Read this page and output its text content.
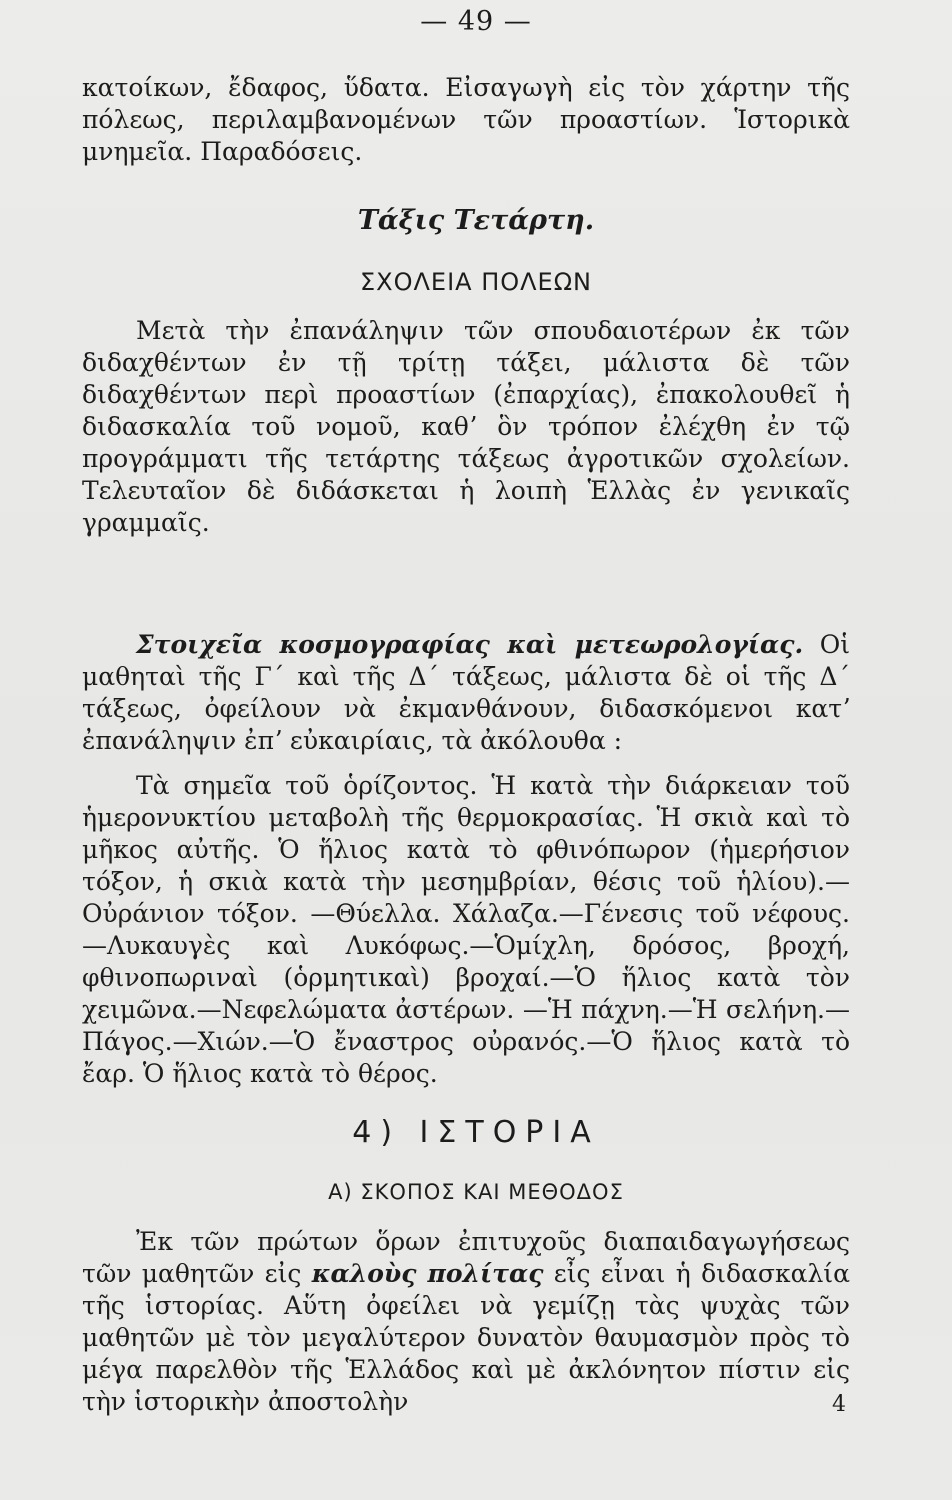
— 49 —

κατοίκων, ἔδαφος, ὕδατα. Εἰσαγωγὴ εἰς τὸν χάρτην τῆς πόλεως, περιλαμβανομένων τῶν προαστίων. Ἱστορικὰ μνημεῖα. Παραδόσεις.

Τάξις Τετάρτη.

ΣΧΟΛΕΙΑ ΠΟΛΕΩΝ

Μετὰ τὴν ἐπανάληψιν τῶν σπουδαιοτέρων ἐκ τῶν διδαχθέντων ἐν τῇ τρίτῃ τάξει, μάλιστα δὲ τῶν διδαχθέντων περὶ προαστίων (ἐπαρχίας), ἐπακολουθεῖ ἡ διδασκαλία τοῦ νομοῦ, καθʼ ὃν τρόπον ἐλέχθη ἐν τῷ προγράμματι τῆς τετάρτης τάξεως ἀγροτικῶν σχολείων. Τελευταῖον δὲ διδάσκεται ἡ λοιπὴ Ἑλλὰς ἐν γενικαῖς γραμμαῖς.

Στοιχεῖα κοσμογραφίας καὶ μετεωρολογίας. Οἱ μαθηταὶ τῆς Γ΄ καὶ τῆς Δ΄ τάξεως, μάλιστα δὲ οἱ τῆς Δ΄ τάξεως, ὀφείλουν νὰ ἐκμανθάνουν, διδασκόμενοι κατʼ ἐπανάληψιν ἐπʼ εὐκαιρίαις, τὰ ἀκόλουθα :

Τὰ σημεῖα τοῦ ὁρίζοντος. Ἡ κατὰ τὴν διάρκειαν τοῦ ἡμερονυκτίου μεταβολὴ τῆς θερμοκρασίας. Ἡ σκιὰ καὶ τὸ μῆκος αὐτῆς. Ὁ ἥλιος κατὰ τὸ φθινόπωρον (ἡμερήσιον τόξον, ἡ σκιὰ κατὰ τὴν μεσημβρίαν, θέσις τοῦ ἡλίου).—Οὐράνιον τόξον. —Θύελλα. Χάλαζα.—Γένεσις τοῦ νέφους.—Λυκαυγὲς καὶ Λυκόφως.—Ὁμίχλη, δρόσος, βροχή, φθινοπωριναὶ (ὁρμητικαὶ) βροχαί.—Ὁ ἥλιος κατὰ τὸν χειμῶνα.—Νεφελώματα ἀστέρων. —Ἡ πάχνη.—Ἡ σελήνη.—Πάγος.—Χιών.—Ὁ ἔναστρος οὐρανός.—Ὁ ἥλιος κατὰ τὸ ἔαρ. Ὁ ἥλιος κατὰ τὸ θέρος.

4) ΙΣΤΟΡΙΑ

Α) ΣΚΟΠΟΣ ΚΑΙ ΜΕΘΟΔΟΣ

Ἐκ τῶν πρώτων ὅρων ἐπιτυχοῦς διαπαιδαγωγήσεως τῶν μαθητῶν εἰς καλοὺς πολίτας εἶς εἶναι ἡ διδασκαλία τῆς ἱστορίας. Αὕτη ὀφείλει νὰ γεμίζῃ τὰς ψυχὰς τῶν μαθητῶν μὲ τὸν μεγαλύτερον δυνατὸν θαυμασμὸν πρὸς τὸ μέγα παρελθὸν τῆς Ἑλλάδος καὶ μὲ ἀκλόνητον πίστιν εἰς τὴν ἱστορικὴν ἀποστολὴν	4
